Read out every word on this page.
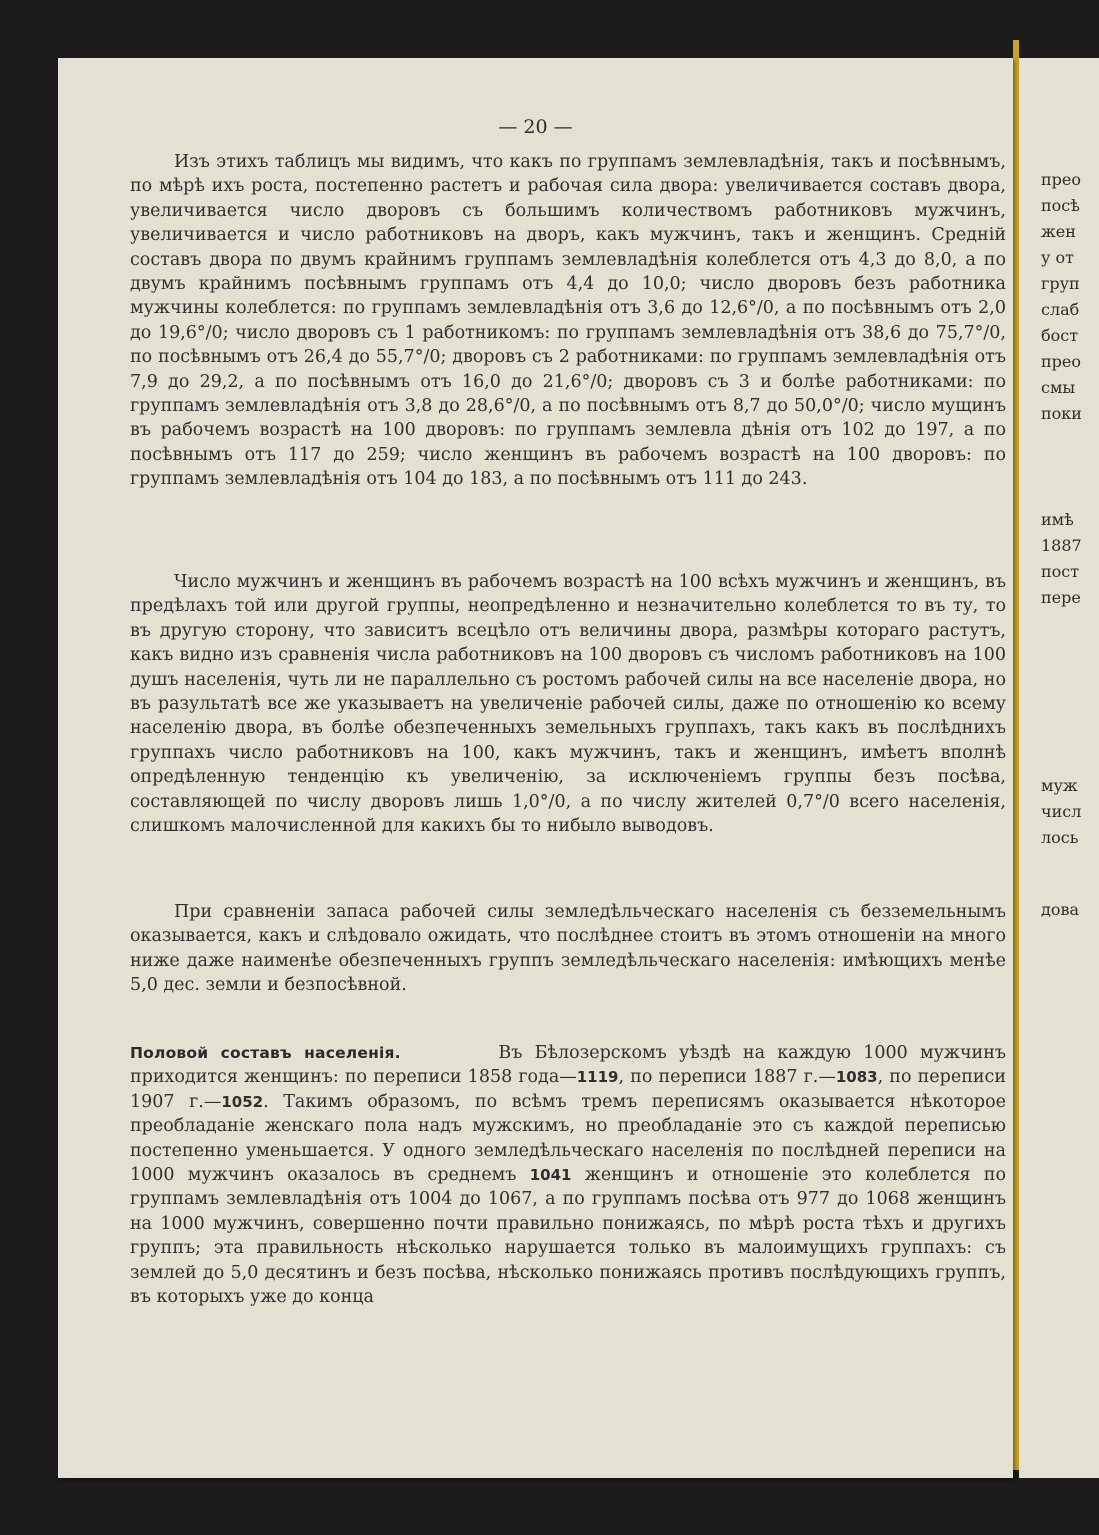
прео
посѣ
жен
у от
груп
слаб
бост
прео
смы
поки
имѣ
1887
пост
пере
муж
числ
лось
дова
— 20 —

Изъ этихъ таблицъ мы видимъ, что какъ по группамъ землевладѣнія, такъ и посѣвнымъ, по мѣрѣ ихъ роста, постепенно растетъ и рабочая сила двора: увеличивается составъ двора, увеличивается число дворовъ съ большимъ количествомъ работниковъ мужчинъ, увеличивается и число работниковъ на дворъ, какъ мужчинъ, такъ и женщинъ. Средній составъ двора по двумъ крайнимъ группамъ землевладѣнія колеблется отъ 4,3 до 8,0, а по двумъ крайнимъ посѣвнымъ группамъ отъ 4,4 до 10,0; число дворовъ безъ работника мужчины колеблется: по группамъ землевладѣнія отъ 3,6 до 12,6°/0, а по посѣвнымъ отъ 2,0 до 19,6°/0; число дворовъ съ 1 работникомъ: по группамъ землевладѣнія отъ 38,6 до 75,7°/0, по посѣвнымъ отъ 26,4 до 55,7°/0; дворовъ съ 2 работниками: по группамъ землевладѣнія отъ 7,9 до 29,2, а по посѣвнымъ отъ 16,0 до 21,6°/0; дворовъ съ 3 и болѣе работниками: по группамъ землевладѣнія отъ 3,8 до 28,6°/0, а по посѣвнымъ отъ 8,7 до 50,0°/0; число мущинъ въ рабочемъ возрастѣ на 100 дворовъ: по группамъ землевла дѣнія отъ 102 до 197, а по посѣвнымъ отъ 117 до 259; число женщинъ въ рабочемъ возрастѣ на 100 дворовъ: по группамъ землевладѣнія отъ 104 до 183, а по посѣвнымъ отъ 111 до 243.

Число мужчинъ и женщинъ въ рабочемъ возрастѣ на 100 всѣхъ мужчинъ и женщинъ, въ предѣлахъ той или другой группы, неопредѣленно и незначительно колеблется то въ ту, то въ другую сторону, что зависитъ всецѣло отъ величины двора, размѣры котораго растутъ, какъ видно изъ сравненія числа работниковъ на 100 дворовъ съ числомъ работниковъ на 100 душъ населенія, чуть ли не параллельно съ ростомъ рабочей силы на все населеніе двора, но въ разультатѣ все же указываетъ на увеличеніе рабочей силы, даже по отношенію ко всему населенію двора, въ болѣе обезпеченныхъ земельныхъ группахъ, такъ какъ въ послѣднихъ группахъ число работниковъ на 100, какъ мужчинъ, такъ и женщинъ, имѣетъ вполнѣ опредѣленную тенденцію къ увеличенію, за исключеніемъ группы безъ посѣва, составляющей по числу дворовъ лишь 1,0°/0, а по числу жителей 0,7°/0 всего населенія, слишкомъ малочисленной для какихъ бы то нибыло выводовъ.

При сравненіи запаса рабочей силы земледѣльческаго населенія съ безземельнымъ оказывается, какъ и слѣдовало ожидать, что послѣднее стоитъ въ этомъ отношеніи на много ниже даже наименѣе обезпеченныхъ группъ земледѣльческаго населенія: имѣющихъ менѣе 5,0 дес. земли и безпосѣвной.

Половой составъ населенія.	Въ Бѣлозерскомъ уѣздѣ на каждую 1000 мужчинъ приходится женщинъ: по переписи 1858 года—1119, по переписи 1887 г.—1083, по переписи 1907 г.—1052. Такимъ образомъ, по всѣмъ тремъ переписямъ оказывается нѣкоторое преобладаніе женскаго пола надъ мужскимъ, но преобладаніе это съ каждой переписью постепенно уменьшается. У одного земледѣльческаго населенія по послѣдней переписи на 1000 мужчинъ оказалось въ среднемъ 1041 женщинъ и отношеніе это колеблется по группамъ землевладѣнія отъ 1004 до 1067, а по группамъ посѣва отъ 977 до 1068 женщинъ на 1000 мужчинъ, совершенно почти правильно понижаясь, по мѣрѣ роста тѣхъ и другихъ группъ; эта правильность нѣсколько нарушается только въ малоимущихъ группахъ: съ землей до 5,0 десятинъ и безъ посѣва, нѣсколько понижаясь противъ послѣдующихъ группъ, въ которыхъ уже до конца
